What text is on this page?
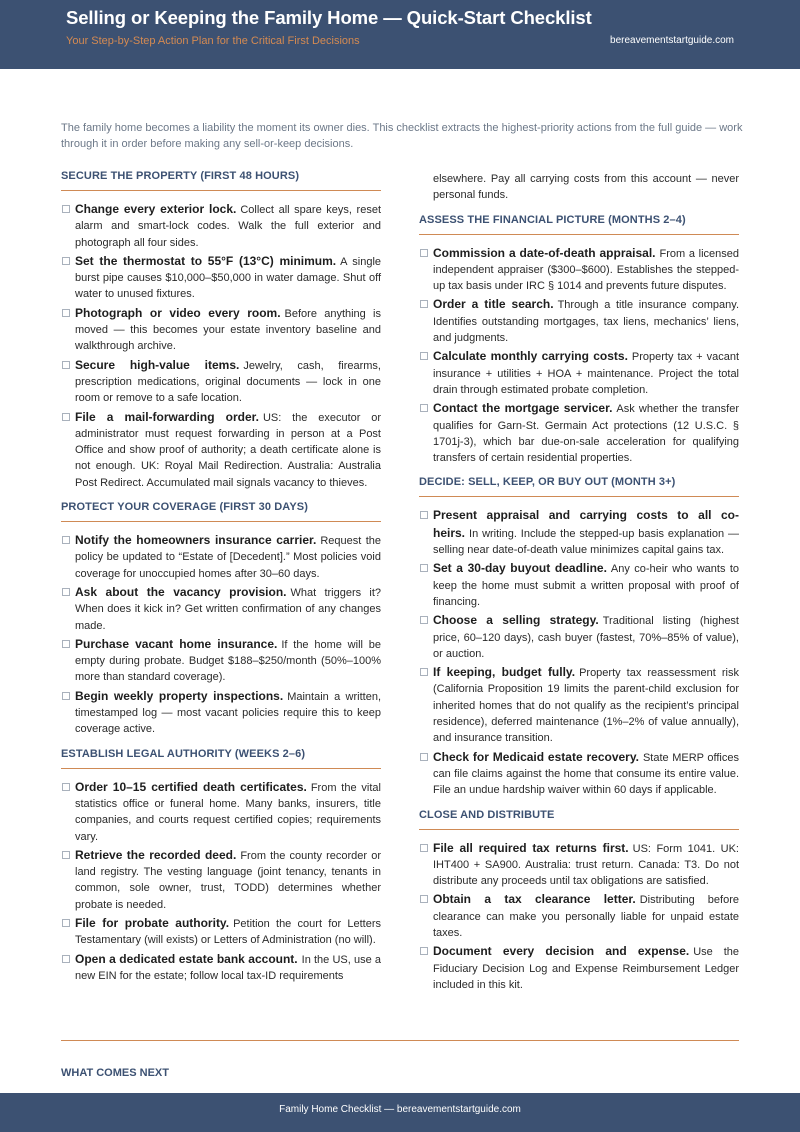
Selling or Keeping the Family Home — Quick-Start Checklist
Your Step-by-Step Action Plan for the Critical First Decisions	bereavementstartguide.com
The family home becomes a liability the moment its owner dies. This checklist extracts the highest-priority actions from the full guide — work through it in order before making any sell-or-keep decisions.
SECURE THE PROPERTY (FIRST 48 HOURS)
Change every exterior lock. Collect all spare keys, reset alarm and smart-lock codes. Walk the full exterior and photograph all four sides.
Set the thermostat to 55°F (13°C) minimum. A single burst pipe causes $10,000–$50,000 in water damage. Shut off water to unused fixtures.
Photograph or video every room. Before anything is moved — this becomes your estate inventory baseline and walkthrough archive.
Secure high-value items. Jewelry, cash, firearms, prescription medications, original documents — lock in one room or remove to a safe location.
File a mail-forwarding order. US: the executor or administrator must request forwarding in person at a Post Office and show proof of authority; a death certificate alone is not enough. UK: Royal Mail Redirection. Australia: Australia Post Redirect. Accumulated mail signals vacancy to thieves.
PROTECT YOUR COVERAGE (FIRST 30 DAYS)
Notify the homeowners insurance carrier. Request the policy be updated to “Estate of [Decedent].” Most policies void coverage for unoccupied homes after 30–60 days.
Ask about the vacancy provision. What triggers it? When does it kick in? Get written confirmation of any changes made.
Purchase vacant home insurance. If the home will be empty during probate. Budget $188–$250/month (50%–100% more than standard coverage).
Begin weekly property inspections. Maintain a written, timestamped log — most vacant policies require this to keep coverage active.
ESTABLISH LEGAL AUTHORITY (WEEKS 2–6)
Order 10–15 certified death certificates. From the vital statistics office or funeral home. Many banks, insurers, title companies, and courts request certified copies; requirements vary.
Retrieve the recorded deed. From the county recorder or land registry. The vesting language (joint tenancy, tenants in common, sole owner, trust, TODD) determines whether probate is needed.
File for probate authority. Petition the court for Letters Testamentary (will exists) or Letters of Administration (no will).
Open a dedicated estate bank account. In the US, use a new EIN for the estate; follow local tax-ID requirements
elsewhere. Pay all carrying costs from this account — never personal funds.
ASSESS THE FINANCIAL PICTURE (MONTHS 2–4)
Commission a date-of-death appraisal. From a licensed independent appraiser ($300–$600). Establishes the stepped-up tax basis under IRC § 1014 and prevents future disputes.
Order a title search. Through a title insurance company. Identifies outstanding mortgages, tax liens, mechanics’ liens, and judgments.
Calculate monthly carrying costs. Property tax + vacant insurance + utilities + HOA + maintenance. Project the total drain through estimated probate completion.
Contact the mortgage servicer. Ask whether the transfer qualifies for Garn-St. Germain Act protections (12 U.S.C. § 1701j-3), which bar due-on-sale acceleration for qualifying transfers of certain residential properties.
DECIDE: SELL, KEEP, OR BUY OUT (MONTH 3+)
Present appraisal and carrying costs to all co-heirs. In writing. Include the stepped-up basis explanation — selling near date-of-death value minimizes capital gains tax.
Set a 30-day buyout deadline. Any co-heir who wants to keep the home must submit a written proposal with proof of financing.
Choose a selling strategy. Traditional listing (highest price, 60–120 days), cash buyer (fastest, 70%–85% of value), or auction.
If keeping, budget fully. Property tax reassessment risk (California Proposition 19 limits the parent-child exclusion for inherited homes that do not qualify as the recipient’s principal residence), deferred maintenance (1%–2% of value annually), and insurance transition.
Check for Medicaid estate recovery. State MERP offices can file claims against the home that consume its entire value. File an undue hardship waiver within 60 days if applicable.
CLOSE AND DISTRIBUTE
File all required tax returns first. US: Form 1041. UK: IHT400 + SA900. Australia: trust return. Canada: T3. Do not distribute any proceeds until tax obligations are satisfied.
Obtain a tax clearance letter. Distributing before clearance can make you personally liable for unpaid estate taxes.
Document every decision and expense. Use the Fiduciary Decision Log and Expense Reimbursement Ledger included in this kit.
WHAT COMES NEXT
Family Home Checklist — bereavementstartguide.com
